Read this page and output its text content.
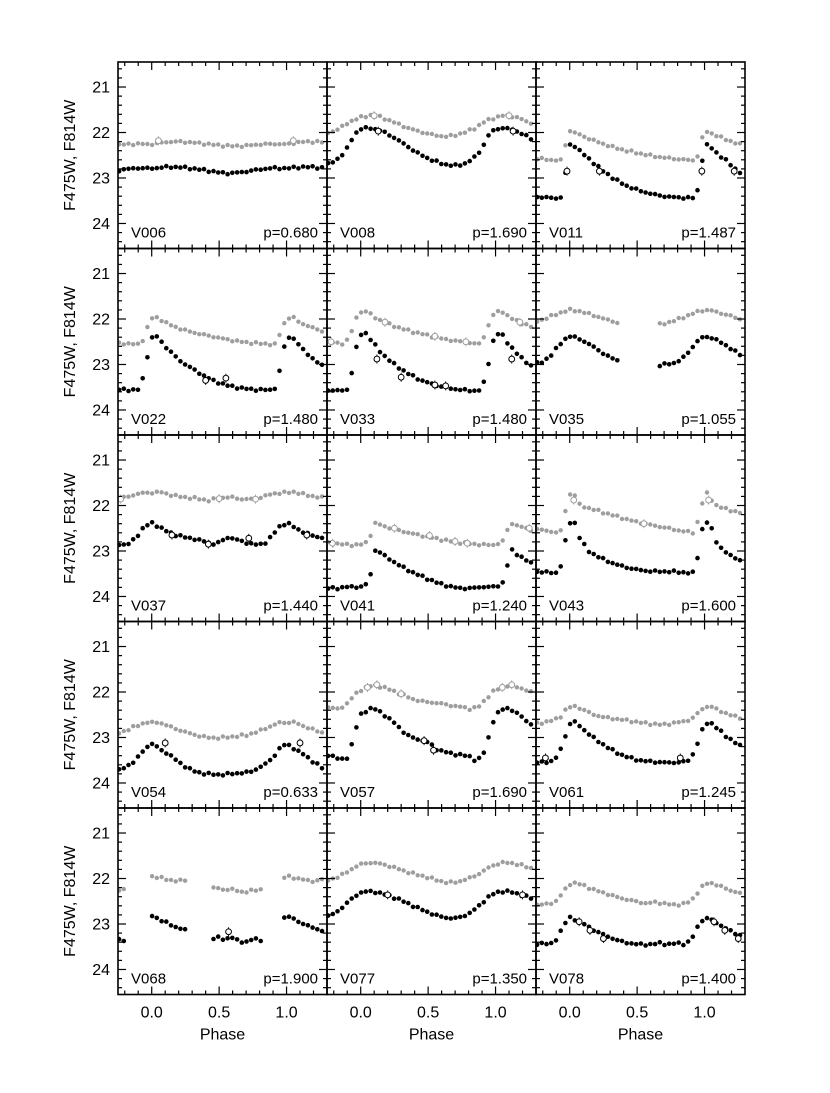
V006	p=0.680
21
22
23
24
F475W, F814W
V008	p=1.690 V011	p=1.487
V022	p=1.480
21
22
23
24
F475W, F814W
V033	p=1.480 V035	p=1.055
V037	p=1.440
21
22
23
24
F475W, F814W
V041	p=1.240 V043	p=1.600
V054	p=0.633
21
22
23
24
F475W, F814W
V057	p=1.690 V061	p=1.245
V068	p=1.900
21
22
23
24
F475W, F814W
0.0	0.5	1.0
Phase
V077	p=1.350
0.0	0.5	1.0
Phase
V078	p=1.400
0.0	0.5	1.0
Phase
